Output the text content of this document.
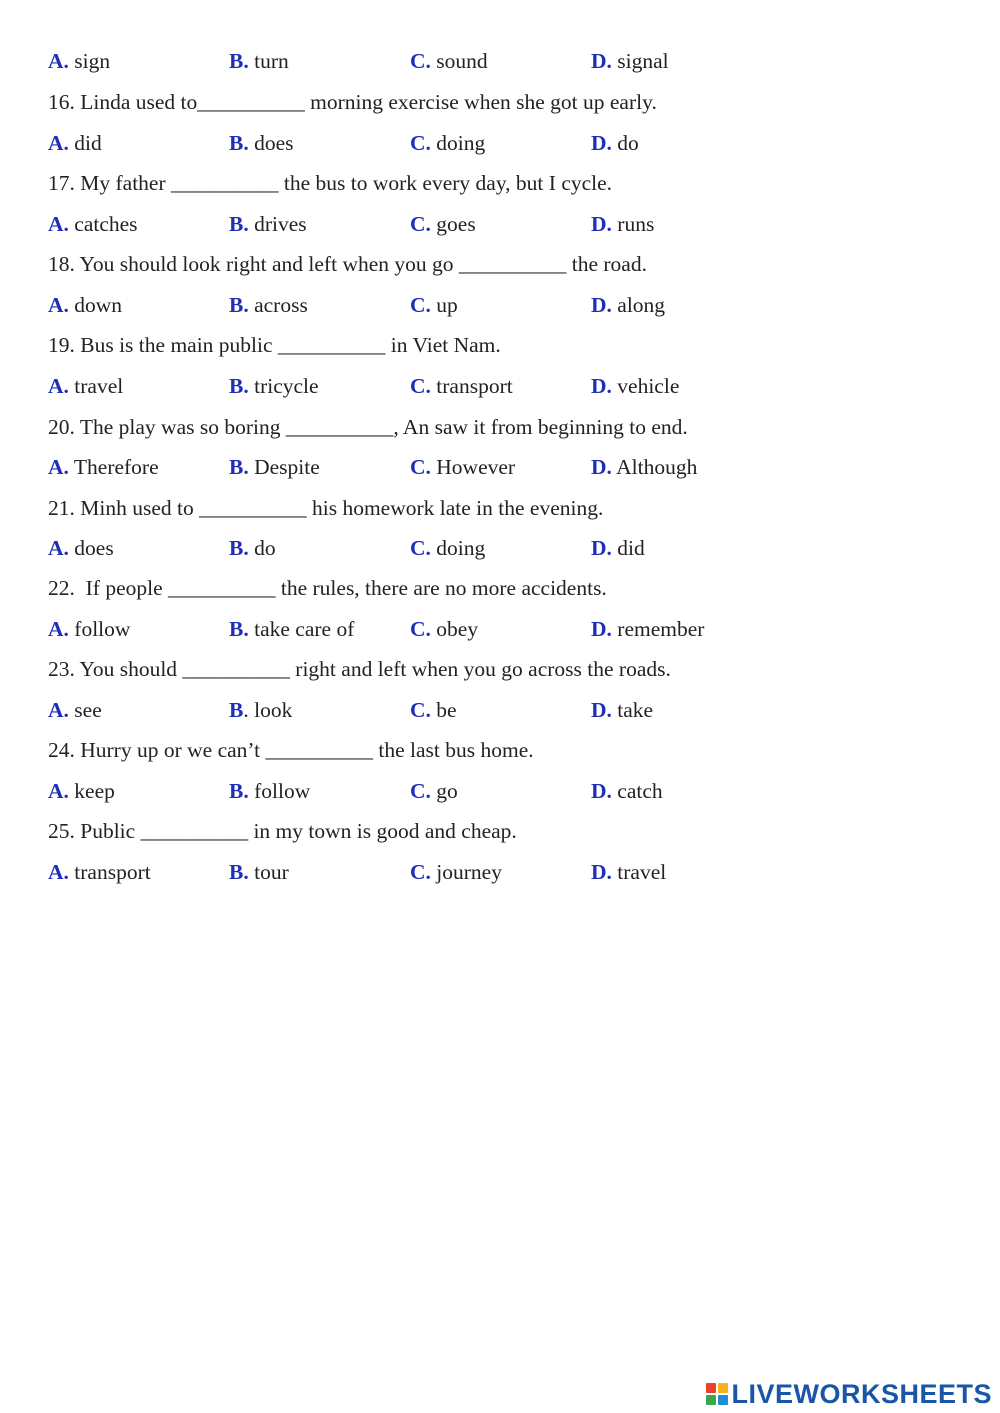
A. sign	B. turn	C. sound	D. signal
16. Linda used to__________ morning exercise when she got up early.
A. did	B. does	C. doing	D. do
17. My father __________ the bus to work every day, but I cycle.
A. catches	B. drives	C. goes	D. runs
18. You should look right and left when you go __________ the road.
A. down	B. across	C. up	D. along
19. Bus is the main public __________ in Viet Nam.
A. travel	B. tricycle	C. transport	D. vehicle
20. The play was so boring __________, An saw it from beginning to end.
A. Therefore	B. Despite	C. However	D. Although
21. Minh used to __________ his homework late in the evening.
A. does	B. do	C. doing	D. did
22.  If people __________ the rules, there are no more accidents.
A. follow	B. take care of	C. obey	D. remember
23. You should __________ right and left when you go across the roads.
A. see	B. look	C. be	D. take
24. Hurry up or we can’t __________ the last bus home.
A. keep	B. follow	C. go	D. catch
25. Public __________ in my town is good and cheap.
A. transport	B. tour	C. journey	D. travel
LIVEWORKSHEETS
